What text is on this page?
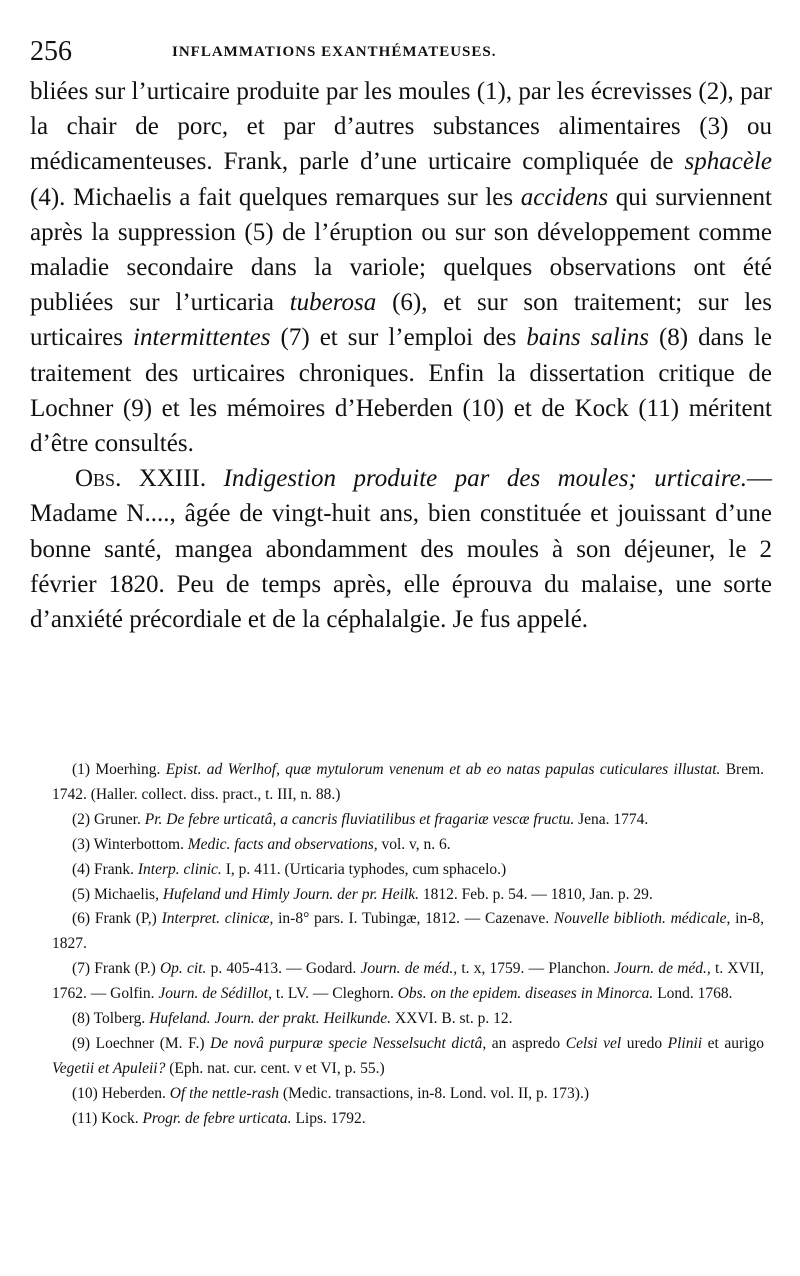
256	INFLAMMATIONS EXANTHÉMATEUSES.

bliées sur l’urticaire produite par les moules (1), par les écrevisses (2), par la chair de porc, et par d’autres substances alimentaires (3) ou médicamenteuses. Frank, parle d’une urticaire compliquée de sphacèle (4). Michaelis a fait quelques remarques sur les accidens qui surviennent après la suppression (5) de l’éruption ou sur son développement comme maladie secondaire dans la variole; quelques observations ont été publiées sur l’urticaria tuberosa (6), et sur son traitement; sur les urticaires intermittentes (7) et sur l’emploi des bains salins (8) dans le traitement des urticaires chroniques. Enfin la dissertation critique de Lochner (9) et les mémoires d’Heberden (10) et de Kock (11) méritent d’être consultés.

Obs. XXIII. Indigestion produite par des moules; urticaire.— Madame N...., âgée de vingt-huit ans, bien constituée et jouissant d’une bonne santé, mangea abondamment des moules à son déjeuner, le 2 février 1820. Peu de temps après, elle éprouva du malaise, une sorte d’anxiété précordiale et de la céphalalgie. Je fus appelé.

(1) Moerhing. Epist. ad Werlhof, quæ mytulorum venenum et ab eo natas papulas cuticulares illustat. Brem. 1742. (Haller. collect. diss. pract., t. III, n. 88.)

(2) Gruner. Pr. De febre urticatâ, a cancris fluviatilibus et fragariæ vescæ fructu. Jena. 1774.

(3) Winterbottom. Medic. facts and observations, vol. v, n. 6.

(4) Frank. Interp. clinic. I, p. 411. (Urticaria typhodes, cum sphacelo.)

(5) Michaelis, Hufeland und Himly Journ. der pr. Heilk. 1812. Feb. p. 54. — 1810, Jan. p. 29.

(6) Frank (P,) Interpret. clinicæ, in-8° pars. I. Tubingæ, 1812. — Cazenave. Nouvelle biblioth. médicale, in-8, 1827.

(7) Frank (P.) Op. cit. p. 405-413. — Godard. Journ. de méd., t. x, 1759. — Planchon. Journ. de méd., t. XVII, 1762. — Golfin. Journ. de Sédillot, t. LV. — Cleghorn. Obs. on the epidem. diseases in Minorca. Lond. 1768.

(8) Tolberg. Hufeland. Journ. der prakt. Heilkunde. XXVI. B. st. p. 12.

(9) Loechner (M. F.) De novâ purpuræ specie Nesselsucht dictâ, an aspredo Celsi vel uredo Plinii et aurigo Vegetii et Apuleii? (Eph. nat. cur. cent. v et VI, p. 55.)

(10) Heberden. Of the nettle-rash (Medic. transactions, in-8. Lond. vol. II, p. 173).)

(11) Kock. Progr. de febre urticata. Lips. 1792.
